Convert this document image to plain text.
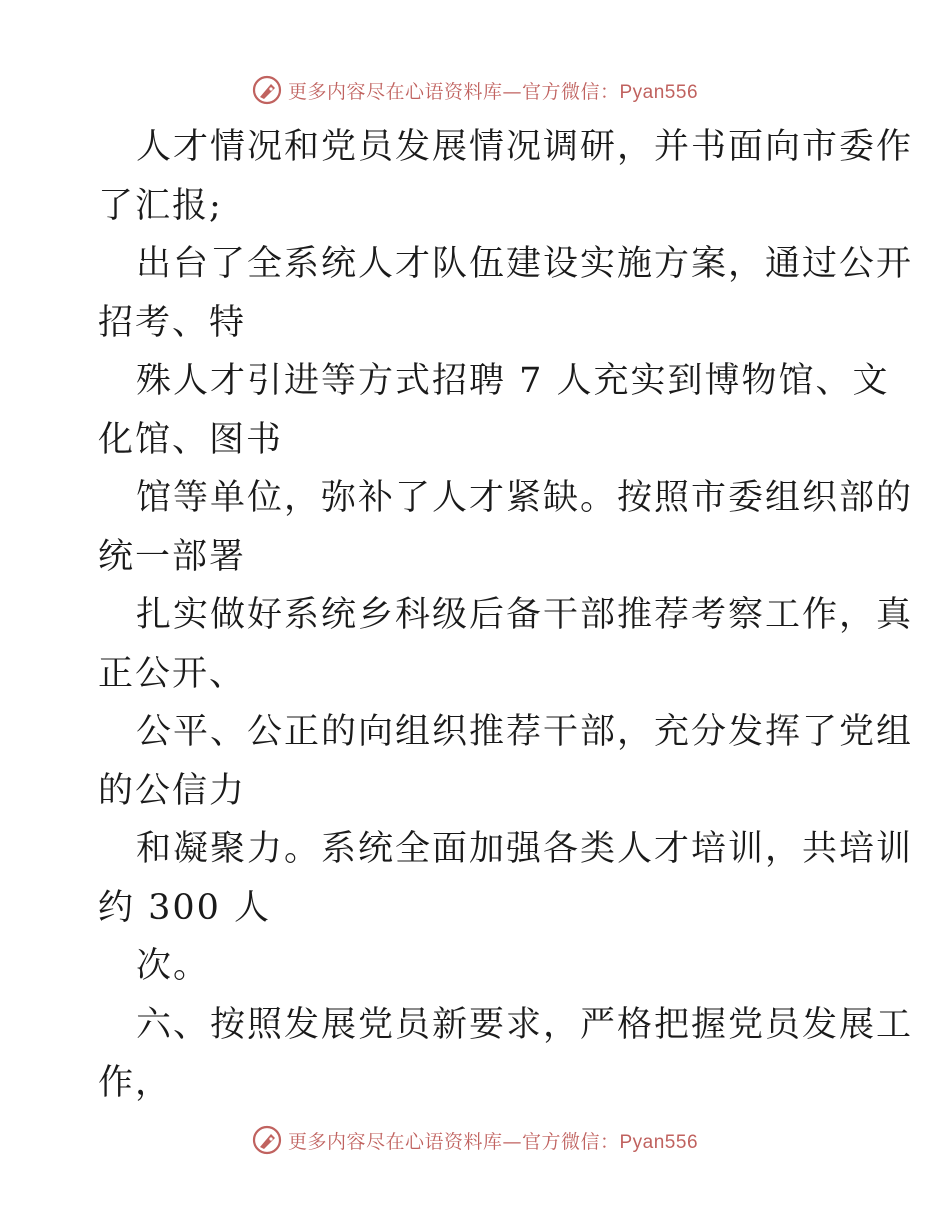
更多内容尽在心语资料库—官方微信：Pyan556
人才情况和党员发展情况调研，并书面向市委作
了汇报;
出台了全系统人才队伍建设实施方案，通过公开
招考、特
殊人才引进等方式招聘 7 人充实到博物馆、文
化馆、图书
馆等单位，弥补了人才紧缺。按照市委组织部的
统一部署
扎实做好系统乡科级后备干部推荐考察工作，真
正公开、
公平、公正的向组织推荐干部，充分发挥了党组
的公信力
和凝聚力。系统全面加强各类人才培训，共培训
约 300 人
次。
六、按照发展党员新要求，严格把握党员发展工
作，
更多内容尽在心语资料库—官方微信：Pyan556
